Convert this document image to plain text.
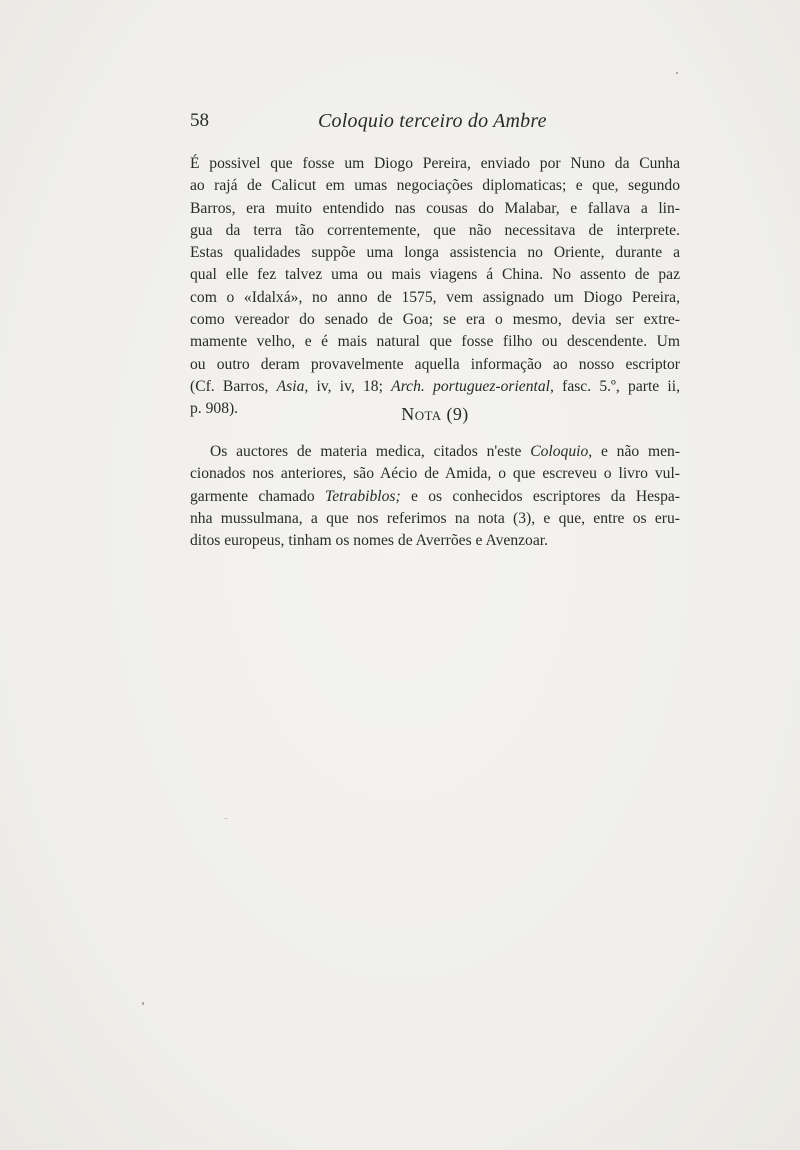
58	Coloquio terceiro do Ambre
É possivel que fosse um Diogo Pereira, enviado por Nuno da Cunha
ao rajá de Calicut em umas negociações diplomaticas; e que, segundo
Barros, era muito entendido nas cousas do Malabar, e fallava a lin-
gua da terra tão correntemente, que não necessitava de interprete.
Estas qualidades suppõe uma longa assistencia no Oriente, durante a
qual elle fez talvez uma ou mais viagens á China. No assento de paz
com o «Idalxá», no anno de 1575, vem assignado um Diogo Pereira,
como vereador do senado de Goa; se era o mesmo, devia ser extre-
mamente velho, e é mais natural que fosse filho ou descendente. Um
ou outro deram provavelmente aquella informação ao nosso escriptor
(Cf. Barros, Asia, iv, iv, 18; Arch. portuguez-oriental, fasc. 5.º, parte ii,
p. 908).	Nota (9)
Os auctores de materia medica, citados n'este Coloquio, e não men-
cionados nos anteriores, são Aécio de Amida, o que escreveu o livro vul-
garmente chamado Tetrabiblos; e os conhecidos escriptores da Hespa-
nha mussulmana, a que nos referimos na nota (3), e que, entre os eru-
ditos europeus, tinham os nomes de Averrões e Avenzoar.
